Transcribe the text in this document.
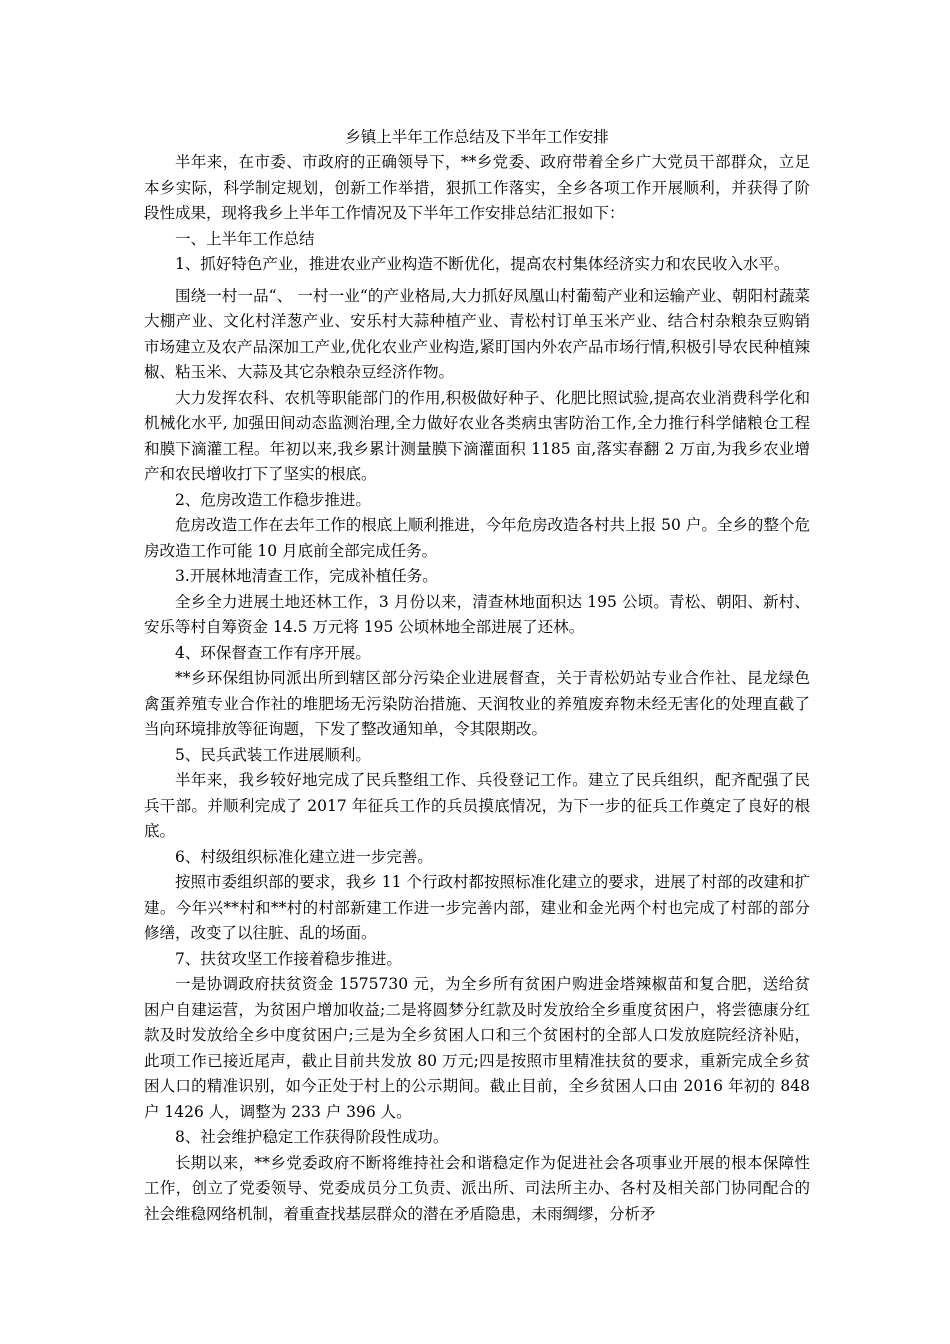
乡镇上半年工作总结及下半年工作安排

半年来，在市委、市政府的正确领导下，**乡党委、政府带着全乡广大党员干部群众，立足本乡实际，科学制定规划，创新工作举措，狠抓工作落实，全乡各项工作开展顺利，并获得了阶段性成果，现将我乡上半年工作情况及下半年工作安排总结汇报如下：

一、上半年工作总结

1、抓好特色产业，推进农业产业构造不断优化，提高农村集体经济实力和农民收入水平。

围绕一村一品“、 一村一业“的产业格局,大力抓好凤凰山村葡萄产业和运输产业、朝阳村蔬菜大棚产业、文化村洋葱产业、安乐村大蒜种植产业、青松村订单玉米产业、结合村杂粮杂豆购销市场建立及农产品深加工产业,优化农业产业构造,紧盯国内外农产品市场行情,积极引导农民种植辣椒、粘玉米、大蒜及其它杂粮杂豆经济作物。

大力发挥农科、农机等职能部门的作用,积极做好种子、化肥比照试验,提高农业消费科学化和机械化水平, 加强田间动态监测治理,全力做好农业各类病虫害防治工作,全力推行科学储粮仓工程和膜下滴灌工程。年初以来,我乡累计测量膜下滴灌面积 1185 亩,落实春翻 2 万亩,为我乡农业增产和农民增收打下了坚实的根底。

2、危房改造工作稳步推进。

危房改造工作在去年工作的根底上顺利推进，今年危房改造各村共上报 50 户。全乡的整个危房改造工作可能 10 月底前全部完成任务。

3.开展林地清查工作，完成补植任务。

全乡全力进展土地还林工作，3 月份以来，清查林地面积达 195 公顷。青松、朝阳、新村、安乐等村自筹资金 14.5 万元将 195 公顷林地全部进展了还林。

4、环保督查工作有序开展。

**乡环保组协同派出所到辖区部分污染企业进展督查，关于青松奶站专业合作社、昆龙绿色禽蛋养殖专业合作社的堆肥场无污染防治措施、天润牧业的养殖废弃物未经无害化的处理直截了当向环境排放等征询题，下发了整改通知单，令其限期改。

5、民兵武装工作进展顺利。

半年来，我乡较好地完成了民兵整组工作、兵役登记工作。建立了民兵组织，配齐配强了民兵干部。并顺利完成了 2017 年征兵工作的兵员摸底情况，为下一步的征兵工作奠定了良好的根底。

6、村级组织标准化建立进一步完善。

按照市委组织部的要求，我乡 11 个行政村都按照标准化建立的要求，进展了村部的改建和扩建。今年兴**村和**村的村部新建工作进一步完善内部，建业和金光两个村也完成了村部的部分修缮，改变了以往脏、乱的场面。

7、扶贫攻坚工作接着稳步推进。

一是协调政府扶贫资金 1575730 元，为全乡所有贫困户购进金塔辣椒苗和复合肥，送给贫困户自建运营，为贫困户增加收益;二是将圆梦分红款及时发放给全乡重度贫困户，将尝德康分红款及时发放给全乡中度贫困户;三是为全乡贫困人口和三个贫困村的全部人口发放庭院经济补贴，此项工作已接近尾声，截止目前共发放 80 万元;四是按照市里精准扶贫的要求，重新完成全乡贫困人口的精准识别，如今正处于村上的公示期间。截止目前，全乡贫困人口由 2016 年初的 848 户 1426 人，调整为 233 户 396 人。

8、社会维护稳定工作获得阶段性成功。

长期以来，**乡党委政府不断将维持社会和谐稳定作为促进社会各项事业开展的根本保障性工作，创立了党委领导、党委成员分工负责、派出所、司法所主办、各村及相关部门协同配合的社会维稳网络机制，着重查找基层群众的潜在矛盾隐患，未雨绸缪，分析矛
